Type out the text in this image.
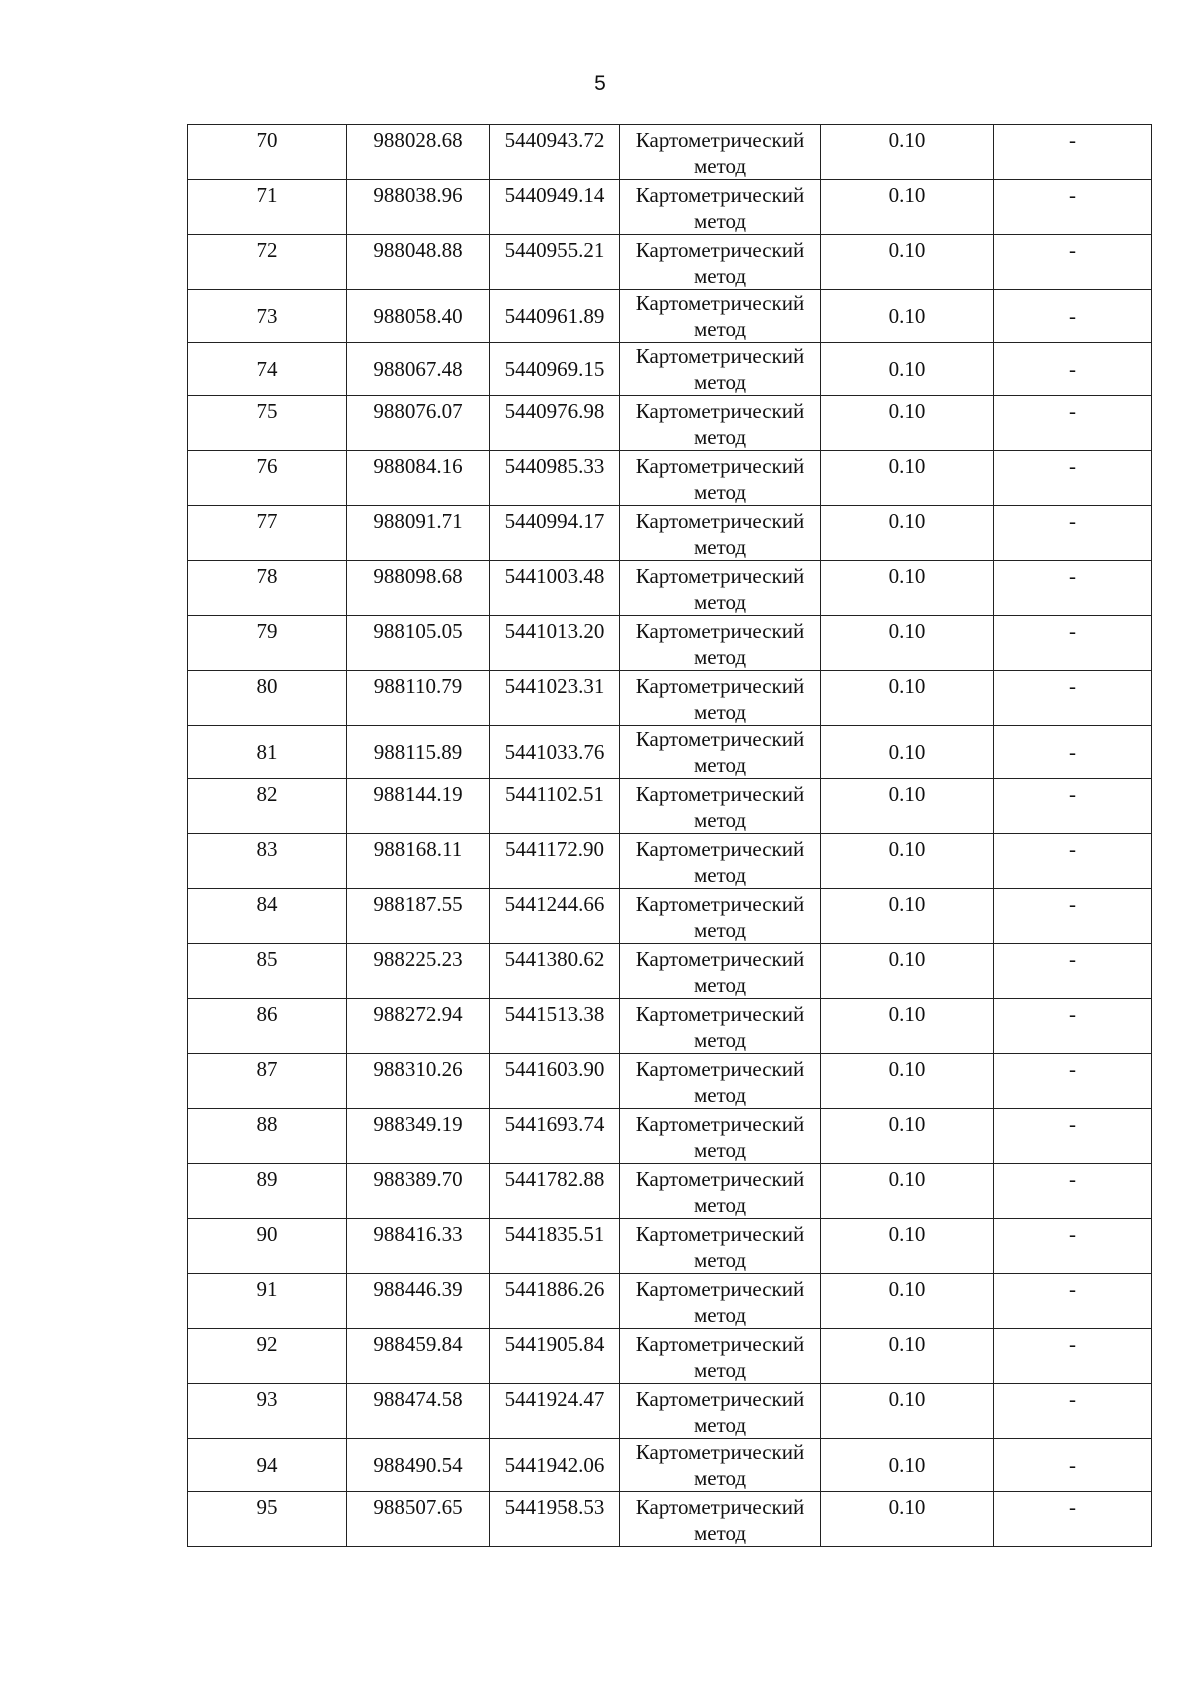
5
70	988028.68	5440943.72	Картометрический метод	0.10	-
71	988038.96	5440949.14	Картометрический метод	0.10	-
72	988048.88	5440955.21	Картометрический метод	0.10	-
73	988058.40	5440961.89	Картометрический метод	0.10	-
74	988067.48	5440969.15	Картометрический метод	0.10	-
75	988076.07	5440976.98	Картометрический метод	0.10	-
76	988084.16	5440985.33	Картометрический метод	0.10	-
77	988091.71	5440994.17	Картометрический метод	0.10	-
78	988098.68	5441003.48	Картометрический метод	0.10	-
79	988105.05	5441013.20	Картометрический метод	0.10	-
80	988110.79	5441023.31	Картометрический метод	0.10	-
81	988115.89	5441033.76	Картометрический метод	0.10	-
82	988144.19	5441102.51	Картометрический метод	0.10	-
83	988168.11	5441172.90	Картометрический метод	0.10	-
84	988187.55	5441244.66	Картометрический метод	0.10	-
85	988225.23	5441380.62	Картометрический метод	0.10	-
86	988272.94	5441513.38	Картометрический метод	0.10	-
87	988310.26	5441603.90	Картометрический метод	0.10	-
88	988349.19	5441693.74	Картометрический метод	0.10	-
89	988389.70	5441782.88	Картометрический метод	0.10	-
90	988416.33	5441835.51	Картометрический метод	0.10	-
91	988446.39	5441886.26	Картометрический метод	0.10	-
92	988459.84	5441905.84	Картометрический метод	0.10	-
93	988474.58	5441924.47	Картометрический метод	0.10	-
94	988490.54	5441942.06	Картометрический метод	0.10	-
95	988507.65	5441958.53	Картометрический метод	0.10	-
